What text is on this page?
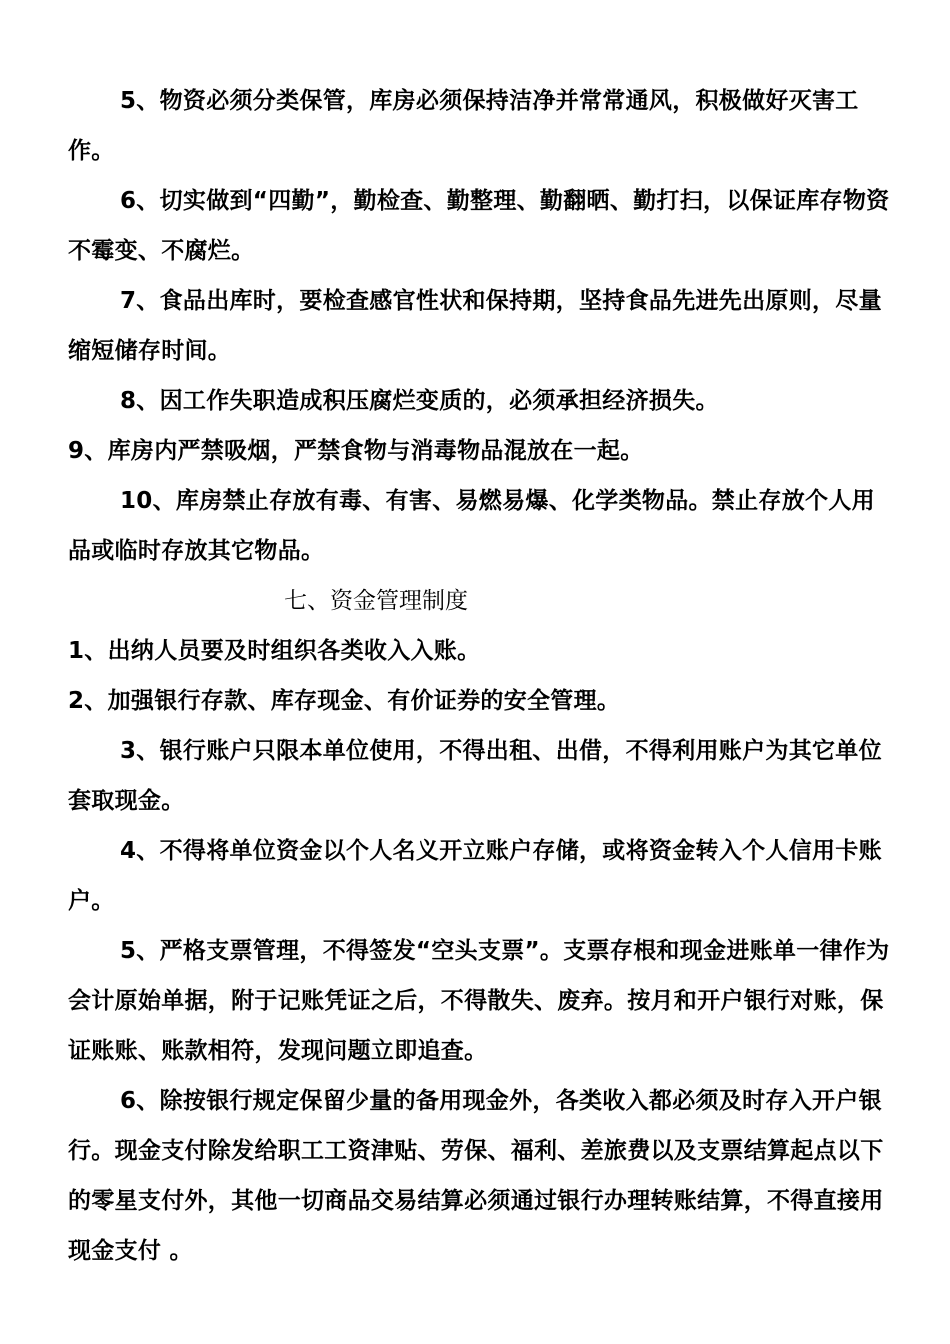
5、物资必须分类保管，库房必须保持洁净并常常通风，积极做好灭害工作。

6、切实做到“四勤”，勤检查、勤整理、勤翻晒、勤打扫，以保证库存物资不霉变、不腐烂。

7、食品出库时，要检查感官性状和保持期，坚持食品先进先出原则，尽量缩短储存时间。

8、因工作失职造成积压腐烂变质的，必须承担经济损失。

9、库房内严禁吸烟，严禁食物与消毒物品混放在一起。

10、库房禁止存放有毒、有害、易燃易爆、化学类物品。禁止存放个人用品或临时存放其它物品。

七、资金管理制度

1、出纳人员要及时组织各类收入入账。

2、加强银行存款、库存现金、有价证券的安全管理。

3、银行账户只限本单位使用，不得出租、出借，不得利用账户为其它单位套取现金。

4、不得将单位资金以个人名义开立账户存储，或将资金转入个人信用卡账户。

5、严格支票管理，不得签发“空头支票”。支票存根和现金进账单一律作为会计原始单据，附于记账凭证之后，不得散失、废弃。按月和开户银行对账，保证账账、账款相符，发现问题立即追查。

6、除按银行规定保留少量的备用现金外，各类收入都必须及时存入开户银行。现金支付除发给职工工资津贴、劳保、福利、差旅费以及支票结算起点以下的零星支付外，其他一切商品交易结算必须通过银行办理转账结算，不得直接用现金支付 。
